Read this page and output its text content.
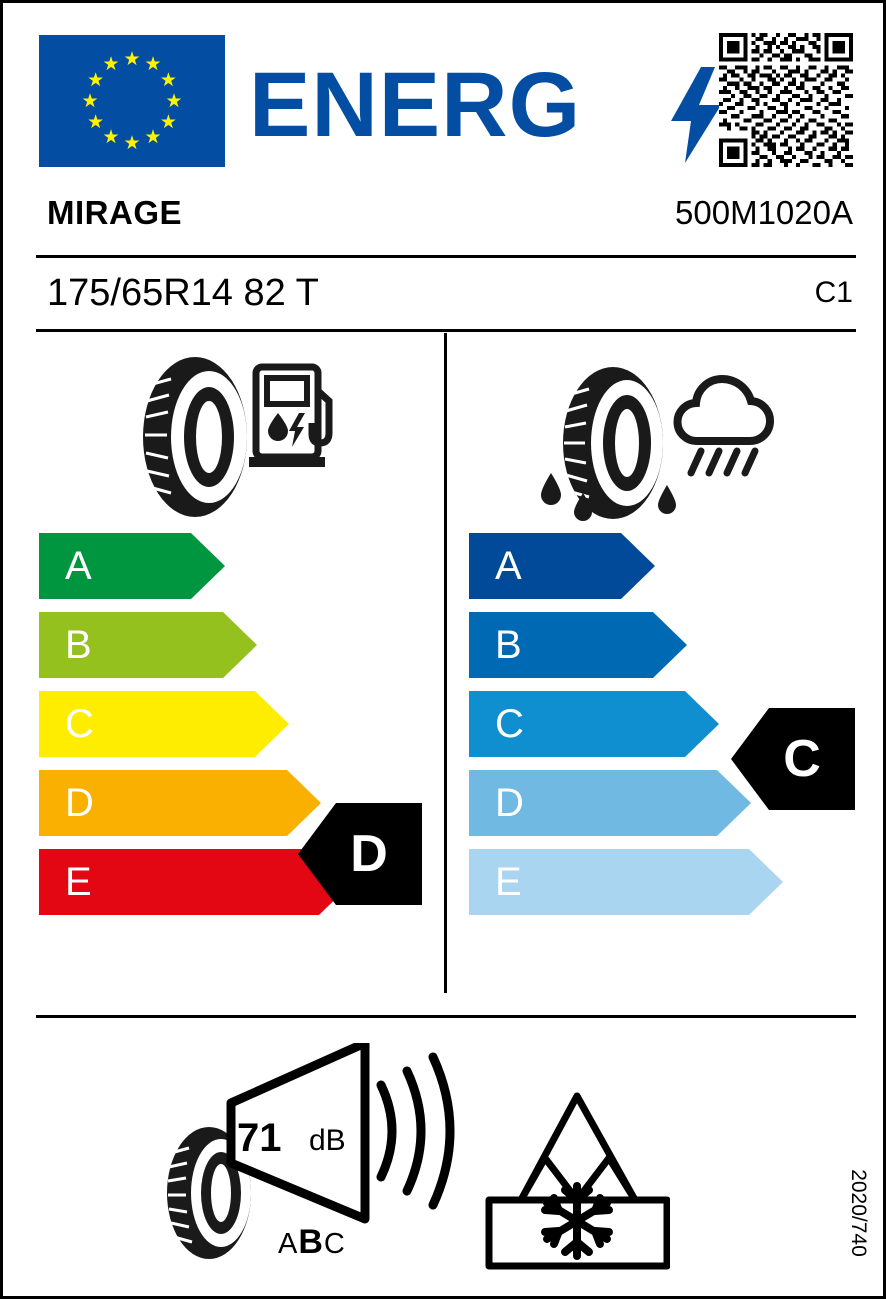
★ ★
★
★
★
★
★
★
★
★
★
★ ENERG
MIRAGE	500M1020A
175/65R14 82 T	C1
A
B
C
D
E
A
B
C
D
E
D
C
71 dB
ABC	2020/740
